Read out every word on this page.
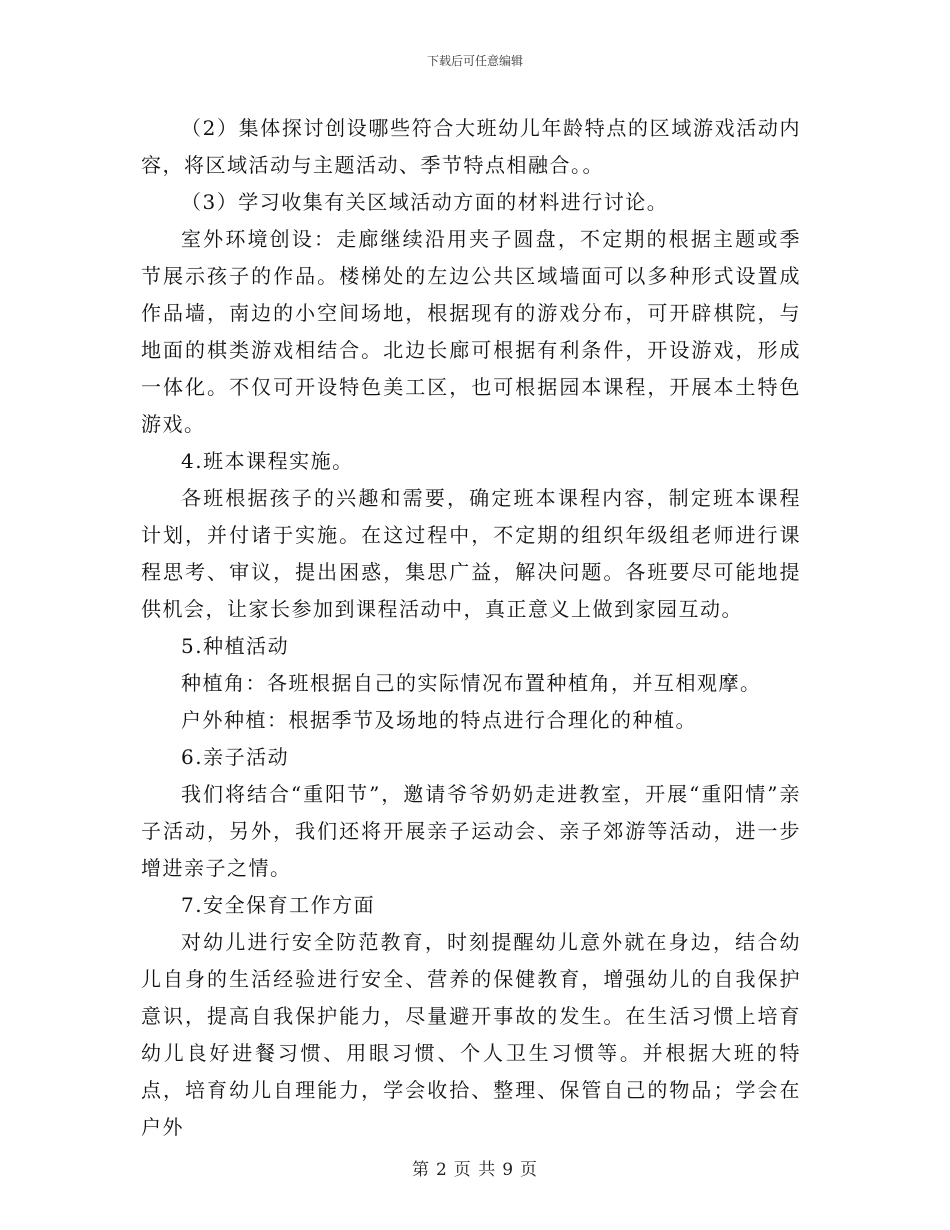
下载后可任意编辑

（2）集体探讨创设哪些符合大班幼儿年龄特点的区域游戏活动内容，将区域活动与主题活动、季节特点相融合。。

（3）学习收集有关区域活动方面的材料进行讨论。

室外环境创设：走廊继续沿用夹子圆盘，不定期的根据主题或季节展示孩子的作品。楼梯处的左边公共区域墙面可以多种形式设置成作品墙，南边的小空间场地，根据现有的游戏分布，可开辟棋院，与地面的棋类游戏相结合。北边长廊可根据有利条件，开设游戏，形成一体化。不仅可开设特色美工区，也可根据园本课程，开展本土特色游戏。

4.班本课程实施。

各班根据孩子的兴趣和需要，确定班本课程内容，制定班本课程计划，并付诸于实施。在这过程中，不定期的组织年级组老师进行课程思考、审议，提出困惑，集思广益，解决问题。各班要尽可能地提供机会，让家长参加到课程活动中，真正意义上做到家园互动。

5.种植活动

种植角：各班根据自己的实际情况布置种植角，并互相观摩。

户外种植：根据季节及场地的特点进行合理化的种植。

6.亲子活动

我们将结合“重阳节”，邀请爷爷奶奶走进教室，开展“重阳情”亲子活动，另外，我们还将开展亲子运动会、亲子郊游等活动，进一步增进亲子之情。

7.安全保育工作方面

对幼儿进行安全防范教育，时刻提醒幼儿意外就在身边，结合幼儿自身的生活经验进行安全、营养的保健教育，增强幼儿的自我保护意识，提高自我保护能力，尽量避开事故的发生。在生活习惯上培育幼儿良好进餐习惯、用眼习惯、个人卫生习惯等。并根据大班的特点，培育幼儿自理能力，学会收拾、整理、保管自己的物品；学会在户外

第 2 页 共 9 页
